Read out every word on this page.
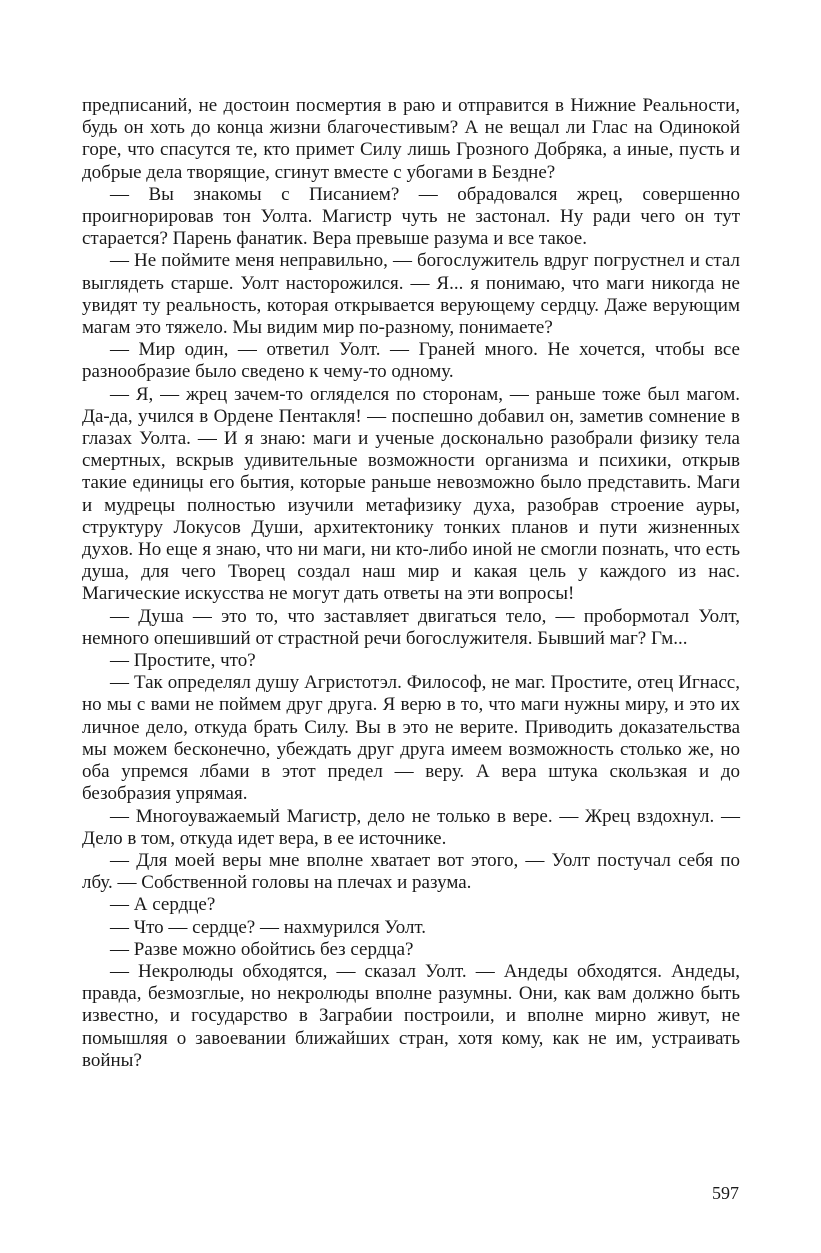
предписаний, не достоин посмертия в раю и отправится в Нижние Реальности, будь он хоть до конца жизни благочестивым? А не вещал ли Глас на Одинокой горе, что спасутся те, кто примет Силу лишь Грозного Добряка, а иные, пусть и добрые дела творящие, сгинут вместе с убогами в Бездне?

— Вы знакомы с Писанием? — обрадовался жрец, совершенно проигнорировав тон Уолта. Магистр чуть не застонал. Ну ради чего он тут старается? Парень фанатик. Вера превыше разума и все такое.

— Не поймите меня неправильно, — богослужитель вдруг погрустнел и стал выглядеть старше. Уолт насторожился. — Я... я понимаю, что маги никогда не увидят ту реальность, которая открывается верующему сердцу. Даже верующим магам это тяжело. Мы видим мир по-разному, понимаете?

— Мир один, — ответил Уолт. — Граней много. Не хочется, чтобы все разнообразие было сведено к чему-то одному.

— Я, — жрец зачем-то огляделся по сторонам, — раньше тоже был магом. Да-да, учился в Ордене Пентакля! — поспешно добавил он, заметив сомнение в глазах Уолта. — И я знаю: маги и ученые досконально разобрали физику тела смертных, вскрыв удивительные возможности организма и психики, открыв такие единицы его бытия, которые раньше невозможно было представить. Маги и мудрецы полностью изучили метафизику духа, разобрав строение ауры, структуру Локусов Души, архитектонику тонких планов и пути жизненных духов. Но еще я знаю, что ни маги, ни кто-либо иной не смогли познать, что есть душа, для чего Творец создал наш мир и какая цель у каждого из нас. Магические искусства не могут дать ответы на эти вопросы!

— Душа — это то, что заставляет двигаться тело, — пробормотал Уолт, немного опешивший от страстной речи богослужителя. Бывший маг? Гм...

— Простите, что?

— Так определял душу Агристотэл. Философ, не маг. Простите, отец Игнасс, но мы с вами не поймем друг друга. Я верю в то, что маги нужны миру, и это их личное дело, откуда брать Силу. Вы в это не верите. Приводить доказательства мы можем бесконечно, убеждать друг друга имеем возможность столько же, но оба упремся лбами в этот предел — веру. А вера штука скользкая и до безобразия упрямая.

— Многоуважаемый Магистр, дело не только в вере. — Жрец вздохнул. — Дело в том, откуда идет вера, в ее источнике.

— Для моей веры мне вполне хватает вот этого, — Уолт постучал себя по лбу. — Собственной головы на плечах и разума.

— А сердце?

— Что — сердце? — нахмурился Уолт.

— Разве можно обойтись без сердца?

— Некролюды обходятся, — сказал Уолт. — Андеды обходятся. Андеды, правда, безмозглые, но некролюды вполне разумны. Они, как вам должно быть известно, и государство в Заграбии построили, и вполне мирно живут, не помышляя о завоевании ближайших стран, хотя кому, как не им, устраивать войны?

597
